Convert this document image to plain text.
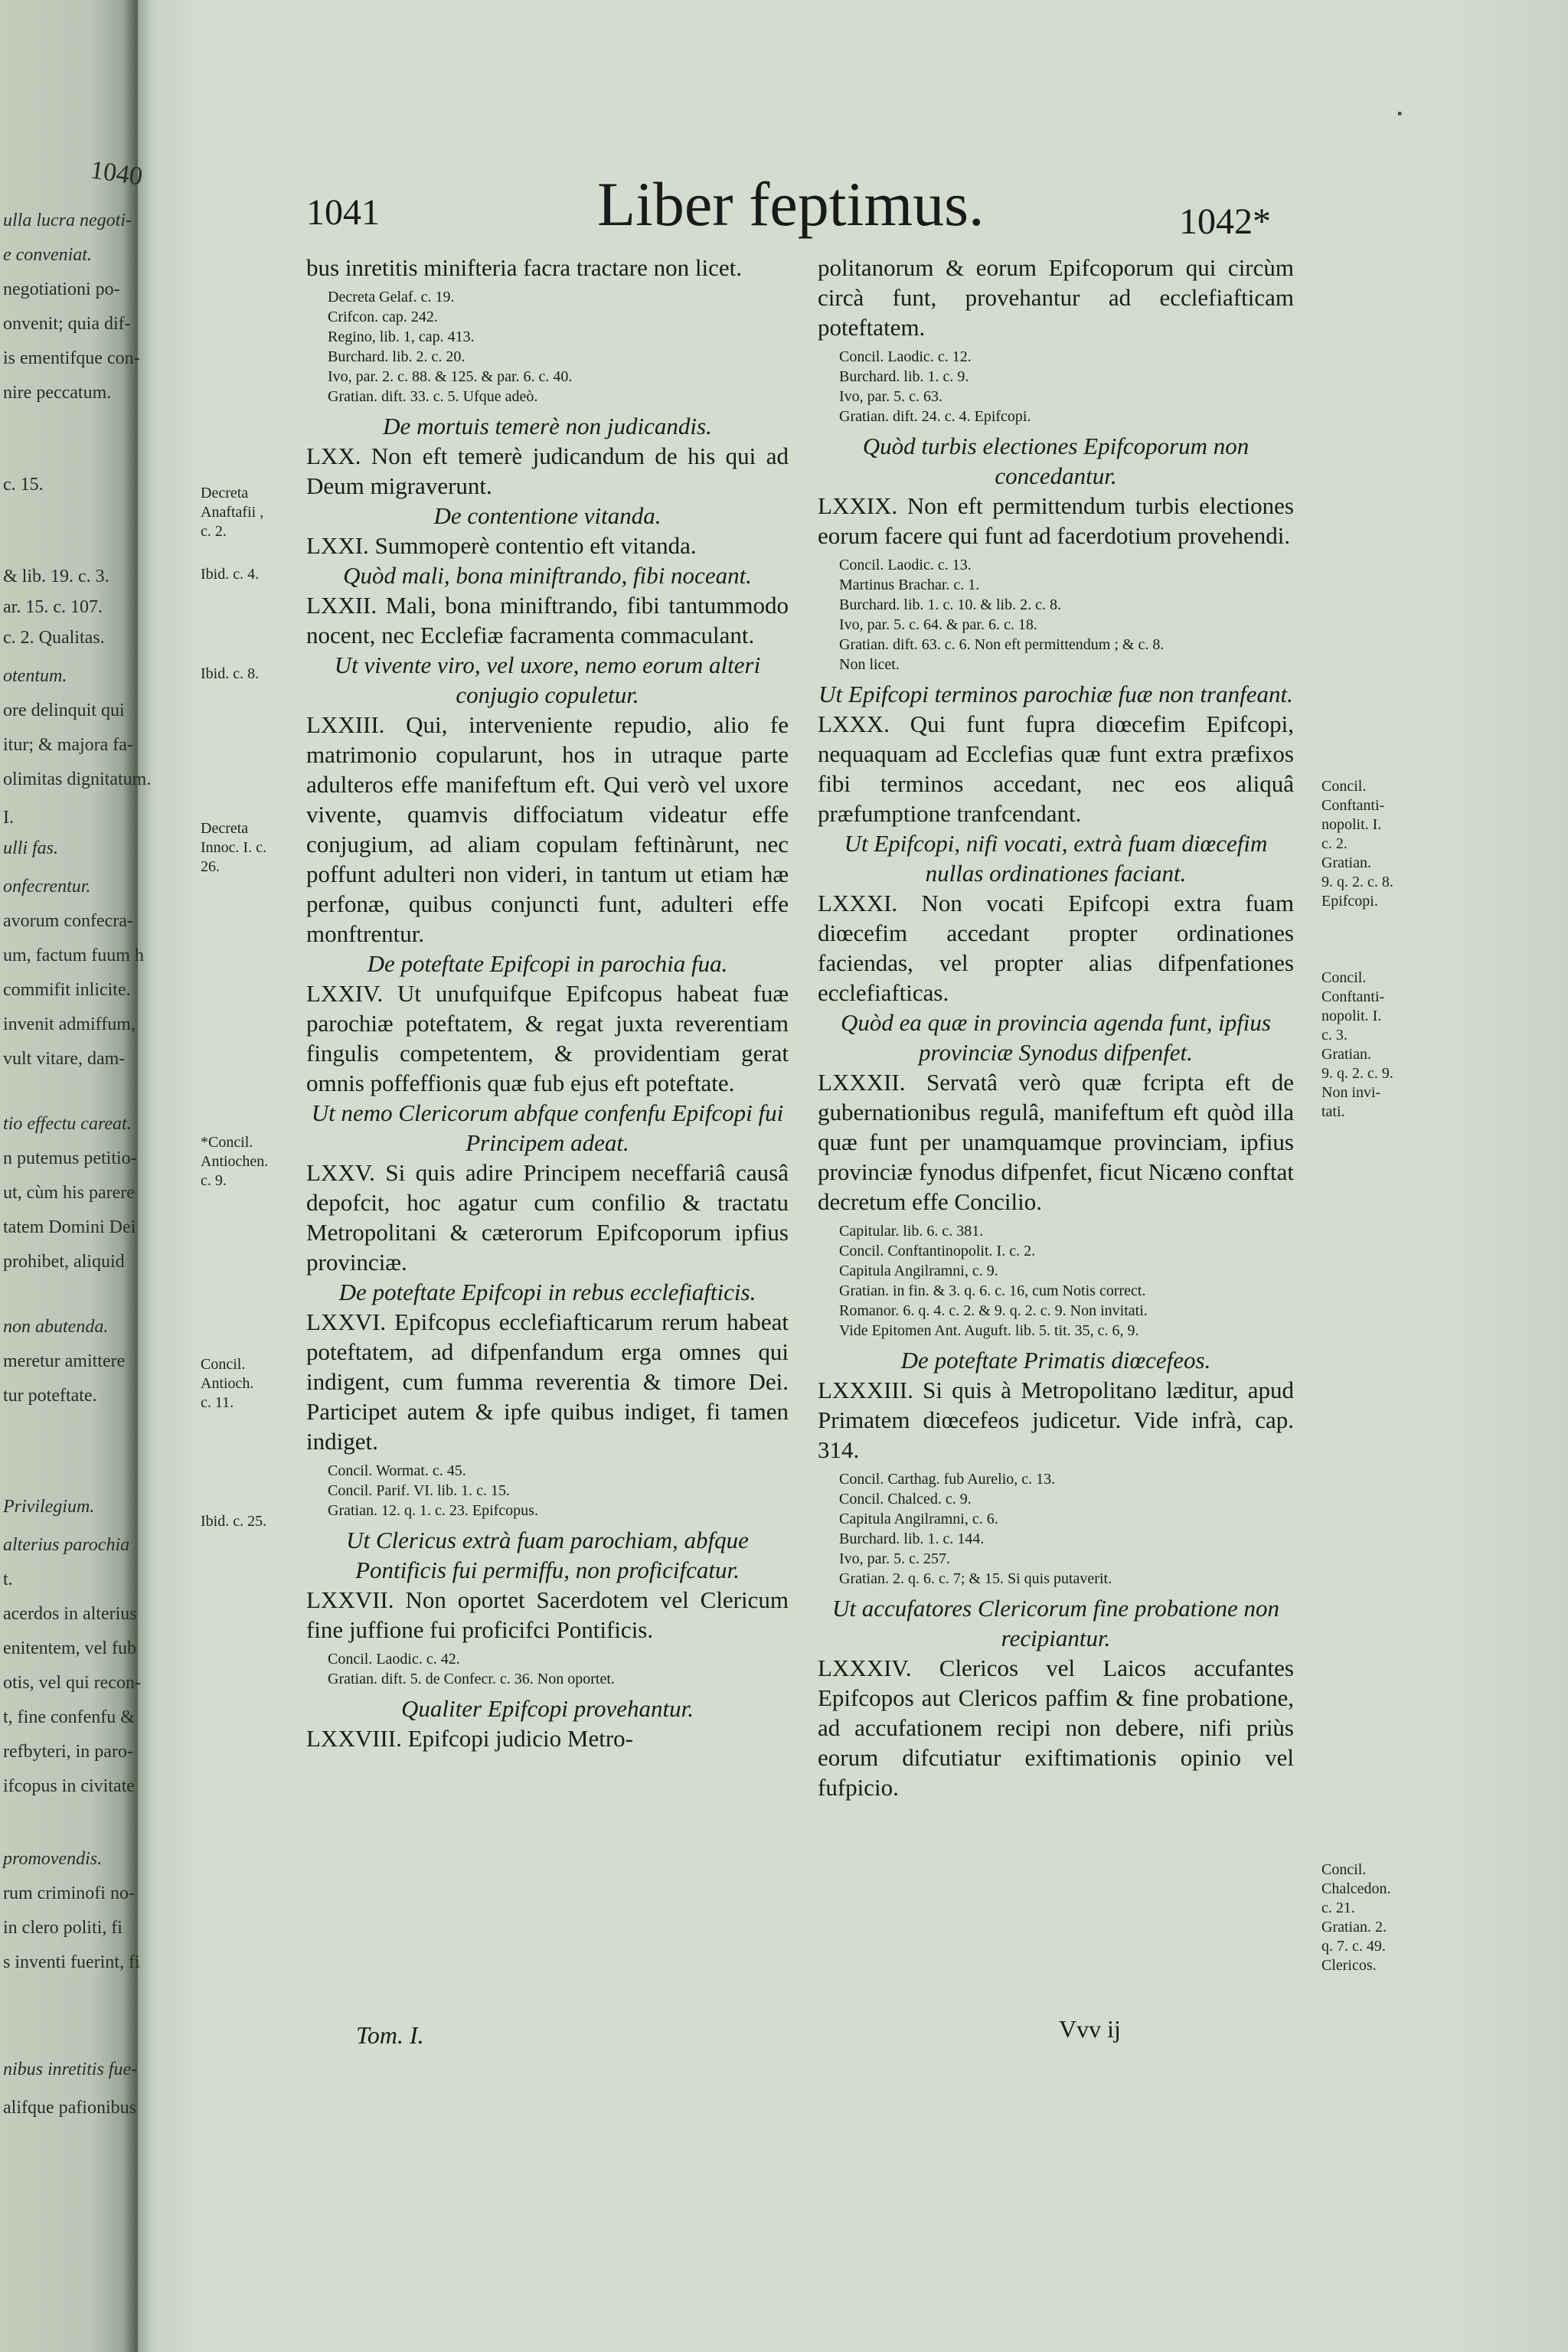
1040
ulla lucra negoti-
e conveniat.
negotiationi po-
onvenit; quia dif-
is ementifque con-
nire peccatum.
c. 15.
& lib. 19. c. 3.
ar. 15. c. 107.
c. 2. Qualitas.
otentum.
ore delinquit qui
itur; & majora fa-
olimitas dignitatum.
I.
ulli fas.
onfecrentur.
avorum confecra-
um, factum fuum h
commifit inlicite.
invenit admiffum,
vult vitare, dam-
tio effectu careat.
n putemus petitio-
ut, cùm his parere
tatem Domini Dei
prohibet, aliquid
non abutenda.
meretur amittere
tur poteftate.
Privilegium.
alterius parochia
t.
acerdos in alterius
enitentem, vel fub
otis, vel qui recon-
t, fine confenfu &
refbyteri, in paro-
ifcopus in civitate
promovendis.
rum criminofi no-
in clero politi, fi
s inventi fuerint, fi
nibus inretitis fue-
alifque pafionibus
▪
1041	Liber feptimus.	1042*

bus inretitis minifteria facra tractare non licet.

Decreta Gelaf. c. 19.
Crifcon. cap. 242.
Regino, lib. 1, cap. 413.
Burchard. lib. 2. c. 20.
Ivo, par. 2. c. 88. & 125. & par. 6. c. 40.
Gratian. dift. 33. c. 5. Ufque adeò.

De mortuis temerè non judicandis.

LXX. Non eft temerè judicandum de his qui ad Deum migraverunt.

De contentione vitanda.

LXXI. Summoperè contentio eft vitanda.

Quòd mali, bona miniftrando, fibi noceant.

LXXII. Mali, bona miniftrando, fibi tantummodo nocent, nec Ecclefiæ facramenta commaculant.

Ut vivente viro, vel uxore, nemo eorum alteri conjugio copuletur.

LXXIII. Qui, interveniente repudio, alio fe matrimonio copularunt, hos in utraque parte adulteros effe manifeftum eft. Qui verò vel uxore vivente, quamvis diffociatum videatur effe conjugium, ad aliam copulam feftinàrunt, nec poffunt adulteri non videri, in tantum ut etiam hæ perfonæ, quibus conjuncti funt, adulteri effe monftrentur.

De poteftate Epifcopi in parochia fua.

LXXIV. Ut unufquifque Epifcopus habeat fuæ parochiæ poteftatem, & regat juxta reverentiam fingulis competentem, & providentiam gerat omnis poffeffionis quæ fub ejus eft poteftate.

Ut nemo Clericorum abfque confenfu Epifcopi fui Principem adeat.

LXXV. Si quis adire Principem neceffariâ causâ depofcit, hoc agatur cum confilio & tractatu Metropolitani & cæterorum Epifcoporum ipfius provinciæ.

De poteftate Epifcopi in rebus ecclefiafticis.

LXXVI. Epifcopus ecclefiafticarum rerum habeat poteftatem, ad difpenfandum erga omnes qui indigent, cum fumma reverentia & timore Dei. Participet autem & ipfe quibus indiget, fi tamen indiget.

Concil. Wormat. c. 45.
Concil. Parif. VI. lib. 1. c. 15.
Gratian. 12. q. 1. c. 23. Epifcopus.

Ut Clericus extrà fuam parochiam, abfque Pontificis fui permiffu, non proficifcatur.

LXXVII. Non oportet Sacerdotem vel Clericum fine juffione fui proficifci Pontificis.

Concil. Laodic. c. 42.
Gratian. dift. 5. de Confecr. c. 36. Non oportet.

Qualiter Epifcopi provehantur.

LXXVIII. Epifcopi judicio Metro-

politanorum & eorum Epifcoporum qui circùm circà funt, provehantur ad ecclefiafticam poteftatem.

Concil. Laodic. c. 12.
Burchard. lib. 1. c. 9.
Ivo, par. 5. c. 63.
Gratian. dift. 24. c. 4. Epifcopi.

Quòd turbis electiones Epifcoporum non concedantur.

LXXIX. Non eft permittendum turbis electiones eorum facere qui funt ad facerdotium provehendi.

Concil. Laodic. c. 13.
Martinus Brachar. c. 1.
Burchard. lib. 1. c. 10. & lib. 2. c. 8.
Ivo, par. 5. c. 64. & par. 6. c. 18.
Gratian. dift. 63. c. 6. Non eft permittendum ; & c. 8.
Non licet.

Ut Epifcopi terminos parochiæ fuæ non tranfeant.

LXXX. Qui funt fupra diœcefim Epifcopi, nequaquam ad Ecclefias quæ funt extra præfixos fibi terminos accedant, nec eos aliquâ præfumptione tranfcendant.

Ut Epifcopi, nifi vocati, extrà fuam diœcefim nullas ordinationes faciant.

LXXXI. Non vocati Epifcopi extra fuam diœcefim accedant propter ordinationes faciendas, vel propter alias difpenfationes ecclefiafticas.

Quòd ea quæ in provincia agenda funt, ipfius provinciæ Synodus difpenfet.

LXXXII. Servatâ verò quæ fcripta eft de gubernationibus regulâ, manifeftum eft quòd illa quæ funt per unamquamque provinciam, ipfius provinciæ fynodus difpenfet, ficut Nicæno conftat decretum effe Concilio.

Capitular. lib. 6. c. 381.
Concil. Conftantinopolit. I. c. 2.
Capitula Angilramni, c. 9.
Gratian. in fin. & 3. q. 6. c. 16, cum Notis correct.
Romanor. 6. q. 4. c. 2. & 9. q. 2. c. 9. Non invitati.
Vide Epitomen Ant. Auguft. lib. 5. tit. 35, c. 6, 9.

De poteftate Primatis diœcefeos.

LXXXIII. Si quis à Metropolitano læditur, apud Primatem diœcefeos judicetur. Vide infrà, cap. 314.

Concil. Carthag. fub Aurelio, c. 13.
Concil. Chalced. c. 9.
Capitula Angilramni, c. 6.
Burchard. lib. 1. c. 144.
Ivo, par. 5. c. 257.
Gratian. 2. q. 6. c. 7; & 15. Si quis putaverit.

Ut accufatores Clericorum fine probatione non recipiantur.

LXXXIV. Clericos vel Laicos accufantes Epifcopos aut Clericos paffim & fine probatione, ad accufationem recipi non debere, nifi priùs eorum difcutiatur exiftimationis opinio vel fufpicio.

Decreta
Anaftafii ,
c. 2.
Ibid. c. 4.
Ibid. c. 8.
Decreta
Innoc. I. c.
26.
*Concil.
Antiochen.
c. 9.
Concil.
Antioch.
c. 11.
Ibid. c. 25.
Concil.
Conftanti-
nopolit. I.
c. 2.
Gratian.
9. q. 2. c. 8.
Epifcopi.
Concil.
Conftanti-
nopolit. I.
c. 3.
Gratian.
9. q. 2. c. 9.
Non invi-
tati.
Concil.
Chalcedon.
c. 21.
Gratian. 2.
q. 7. c. 49.
Clericos.
Tom. I.	Vvv ij
